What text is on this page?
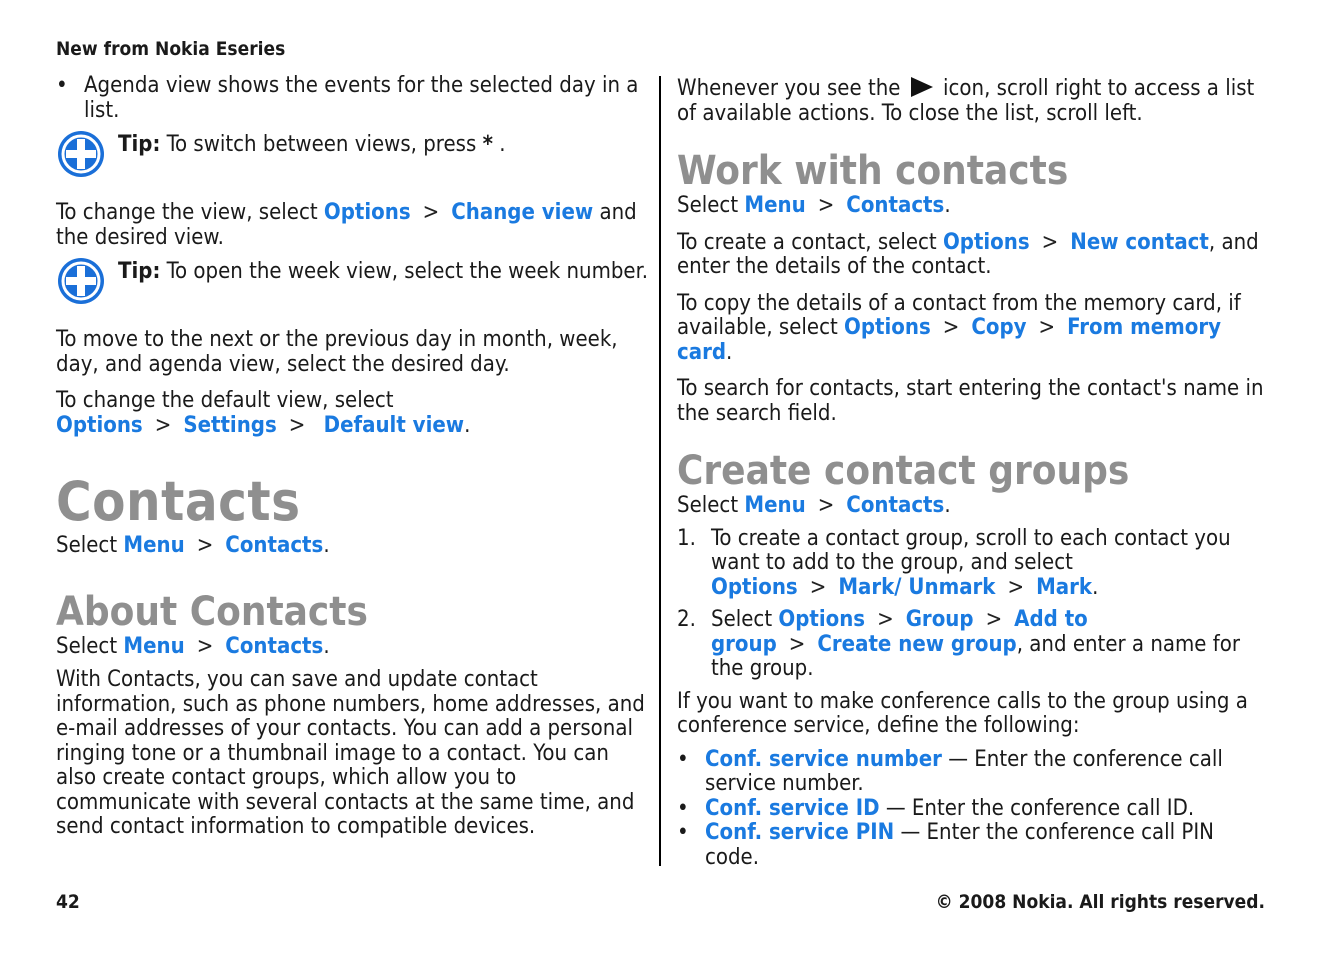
New from Nokia Eseries
• Agenda view shows the events for the selected day in a list.
Tip: To switch between views, press * .

To change the view, select Options > Change view and the desired view.

Tip: To open the week view, select the week number.

To move to the next or the previous day in month, week, day, and agenda view, select the desired day.

To change the default view, select Options > Settings > Default view.

Contacts

Select Menu > Contacts.

About Contacts

Select Menu > Contacts.

With Contacts, you can save and update contact information, such as phone numbers, home addresses, and e-mail addresses of your contacts. You can add a personal ringing tone or a thumbnail image to a contact. You can also create contact groups, which allow you to communicate with several contacts at the same time, and send contact information to compatible devices.

Whenever you see the icon, scroll right to access a list of available actions. To close the list, scroll left.

Work with contacts

Select Menu > Contacts.

To create a contact, select Options > New contact, and enter the details of the contact.

To copy the details of a contact from the memory card, if available, select Options > Copy > From memory card.

To search for contacts, start entering the contact's name in the search field.

Create contact groups

Select Menu > Contacts.

1. To create a contact group, scroll to each contact you want to add to the group, and select Options > Mark/ Unmark > Mark.
2. Select Options > Group > Add to group > Create new group, and enter a name for the group.

If you want to make conference calls to the group using a conference service, define the following:

• Conf. service number — Enter the conference call service number.
• Conf. service ID — Enter the conference call ID.
• Conf. service PIN — Enter the conference call PIN code.
42	© 2008 Nokia. All rights reserved.
